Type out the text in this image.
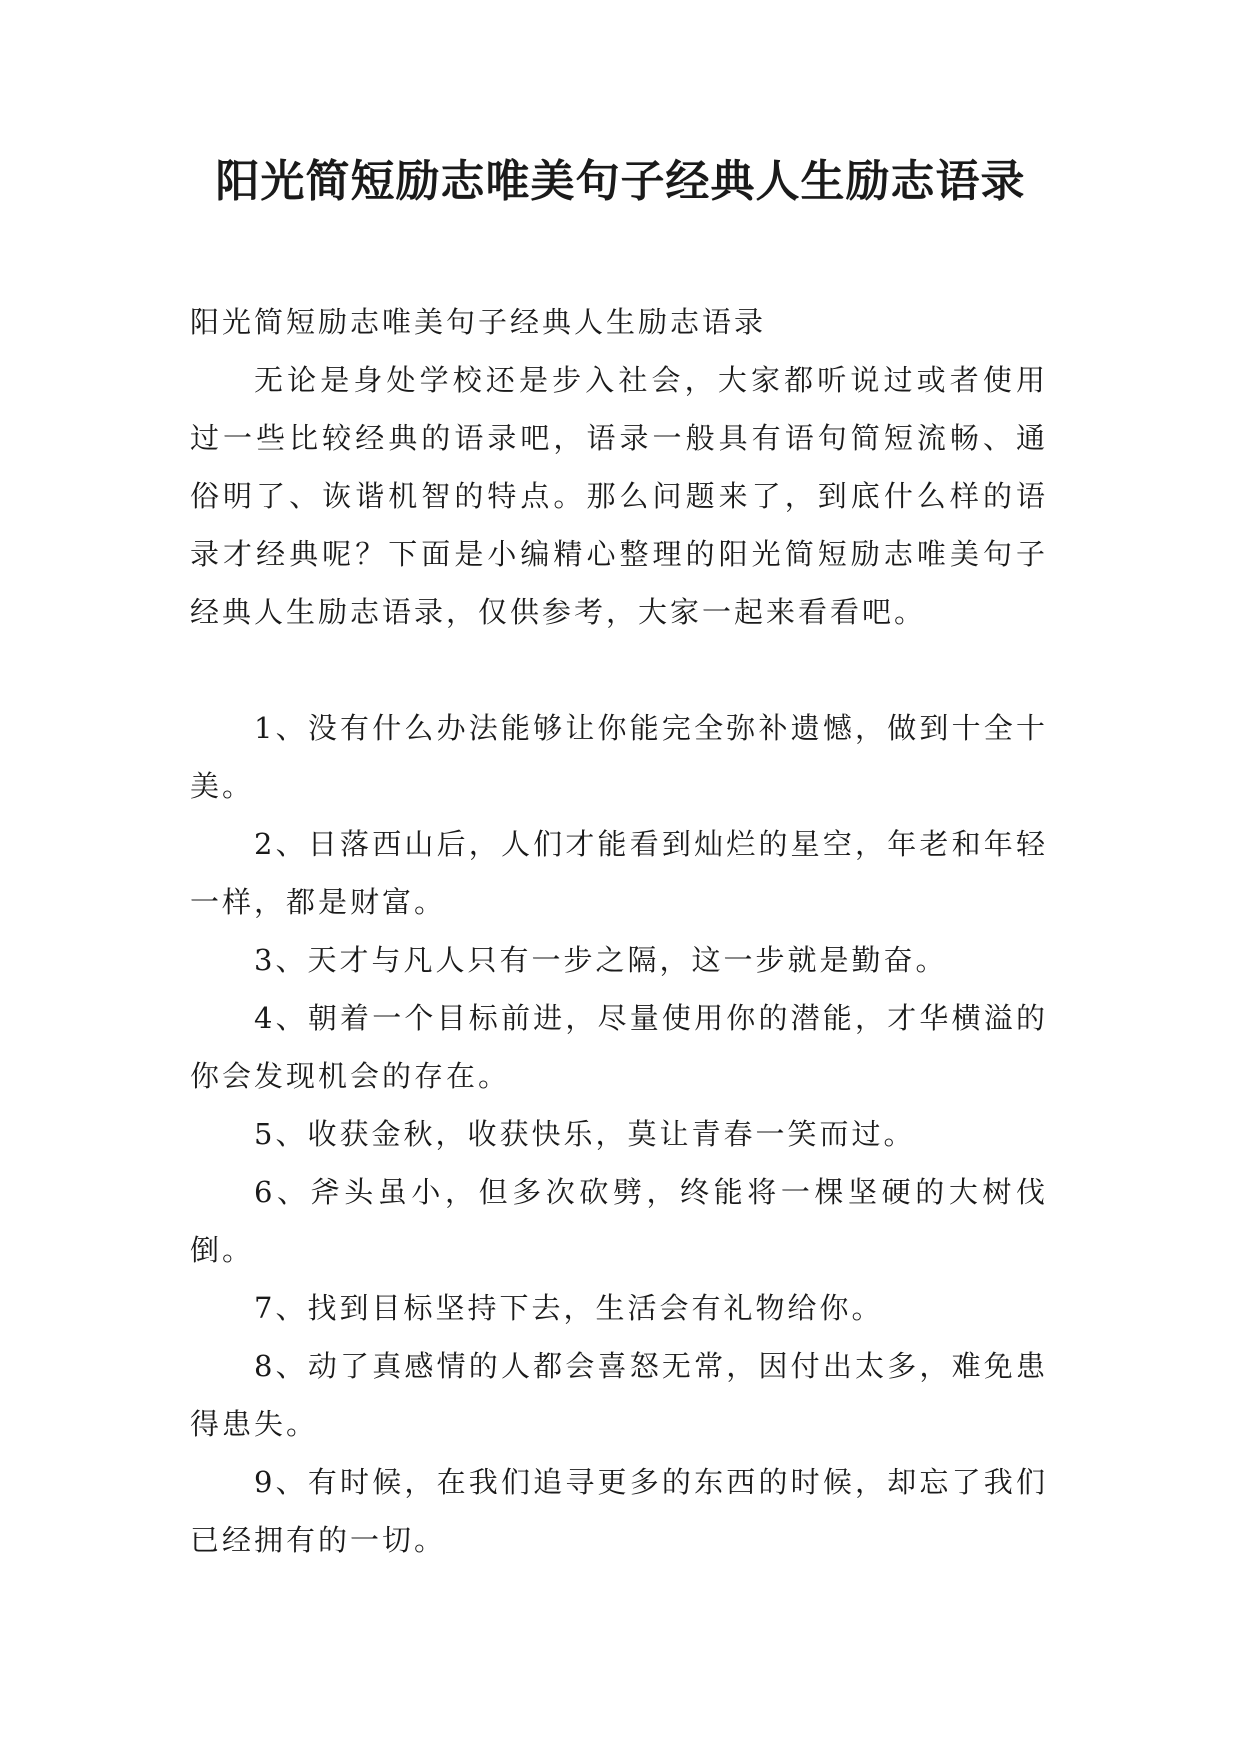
阳光简短励志唯美句子经典人生励志语录

阳光简短励志唯美句子经典人生励志语录

无论是身处学校还是步入社会，大家都听说过或者使用过一些比较经典的语录吧，语录一般具有语句简短流畅、通俗明了、诙谐机智的特点。那么问题来了，到底什么样的语录才经典呢？下面是小编精心整理的阳光简短励志唯美句子经典人生励志语录，仅供参考，大家一起来看看吧。

1、没有什么办法能够让你能完全弥补遗憾，做到十全十美。

2、日落西山后，人们才能看到灿烂的星空，年老和年轻一样，都是财富。

3、天才与凡人只有一步之隔，这一步就是勤奋。

4、朝着一个目标前进，尽量使用你的潜能，才华横溢的你会发现机会的存在。

5、收获金秋，收获快乐，莫让青春一笑而过。

6、斧头虽小，但多次砍劈，终能将一棵坚硬的大树伐倒。

7、找到目标坚持下去，生活会有礼物给你。

8、动了真感情的人都会喜怒无常，因付出太多，难免患得患失。

9、有时候，在我们追寻更多的东西的时候，却忘了我们已经拥有的一切。
